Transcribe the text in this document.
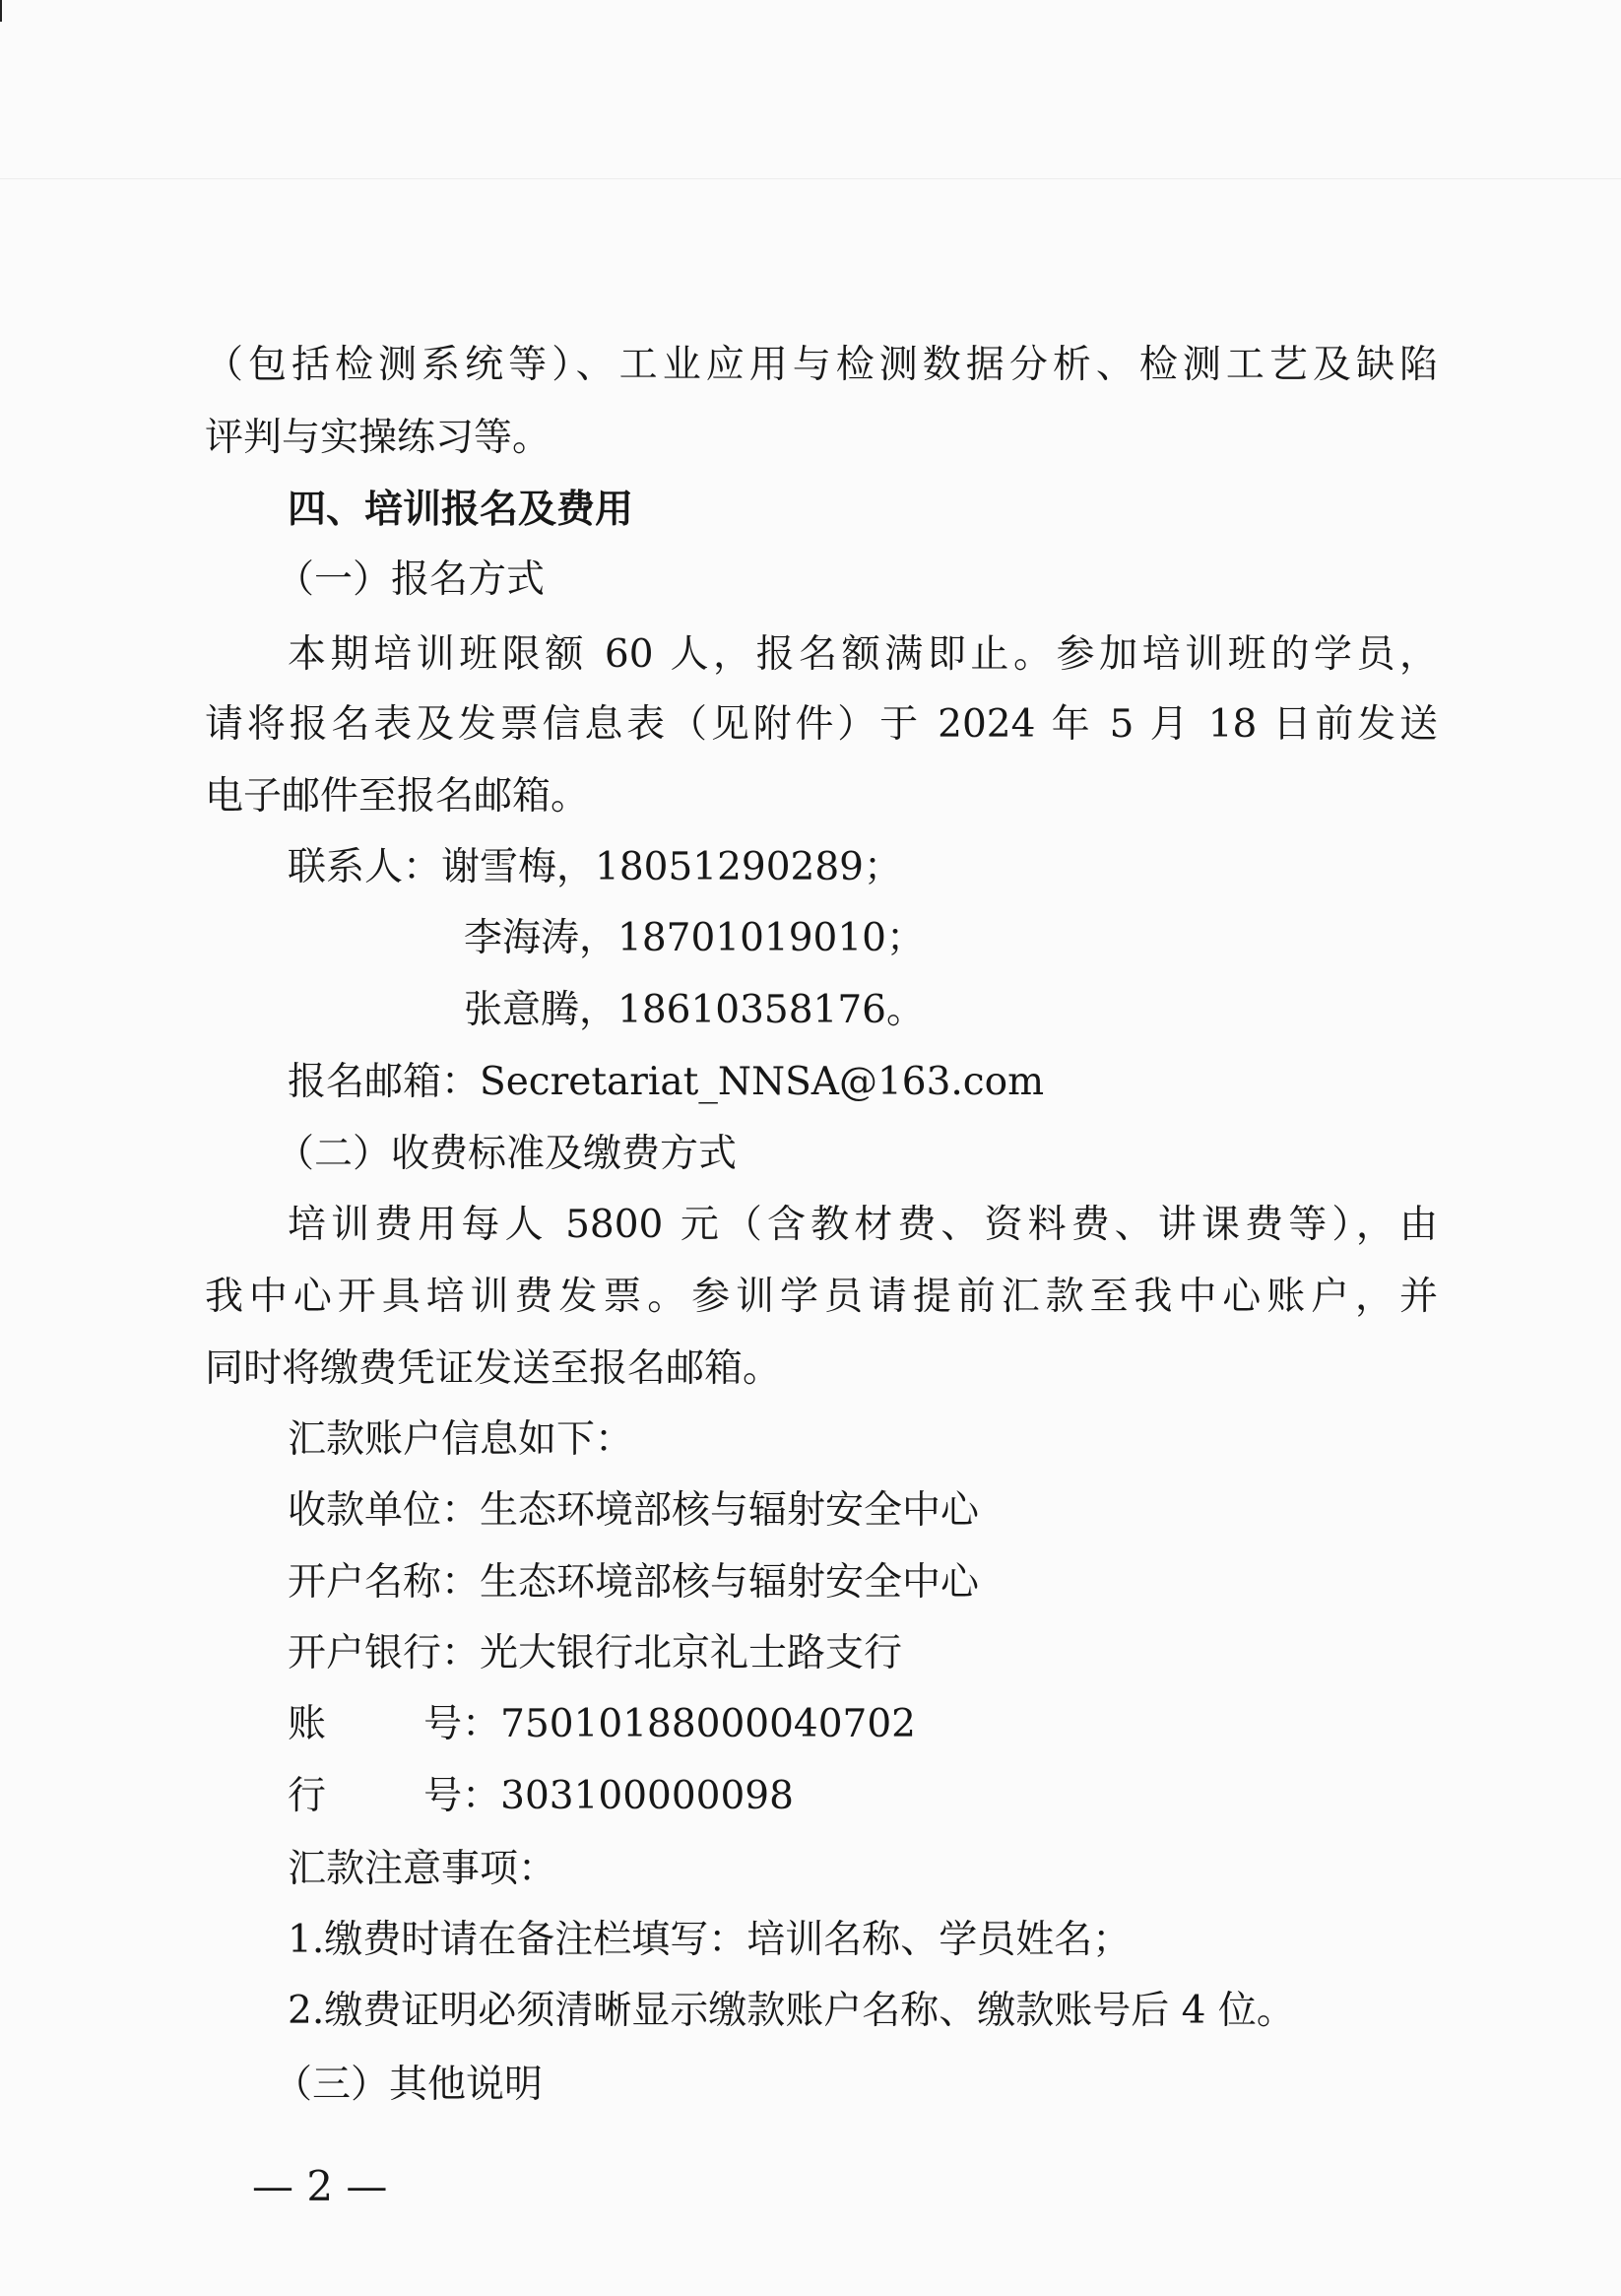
（包括检测系统等）、工业应用与检测数据分析、检测工艺及缺陷
评判与实操练习等。
四、培训报名及费用
（一）报名方式
本期培训班限额 60 人，报名额满即止。参加培训班的学员，
请将报名表及发票信息表（见附件）于 2024 年 5 月 18 日前发送
电子邮件至报名邮箱。
联系人：谢雪梅，18051290289；
李海涛，18701019010；
张意腾，18610358176。
报名邮箱：Secretariat_NNSA@163.com
（二）收费标准及缴费方式
培训费用每人 5800 元（含教材费、资料费、讲课费等），由
我中心开具培训费发票。参训学员请提前汇款至我中心账户，并
同时将缴费凭证发送至报名邮箱。
汇款账户信息如下：
收款单位：生态环境部核与辐射安全中心
开户名称：生态环境部核与辐射安全中心
开户银行：光大银行北京礼士路支行
账        号：75010188000040702
行        号：303100000098
汇款注意事项：
1.缴费时请在备注栏填写：培训名称、学员姓名；
2.缴费证明必须清晰显示缴款账户名称、缴款账号后 4 位。
（三）其他说明
— 2 —
